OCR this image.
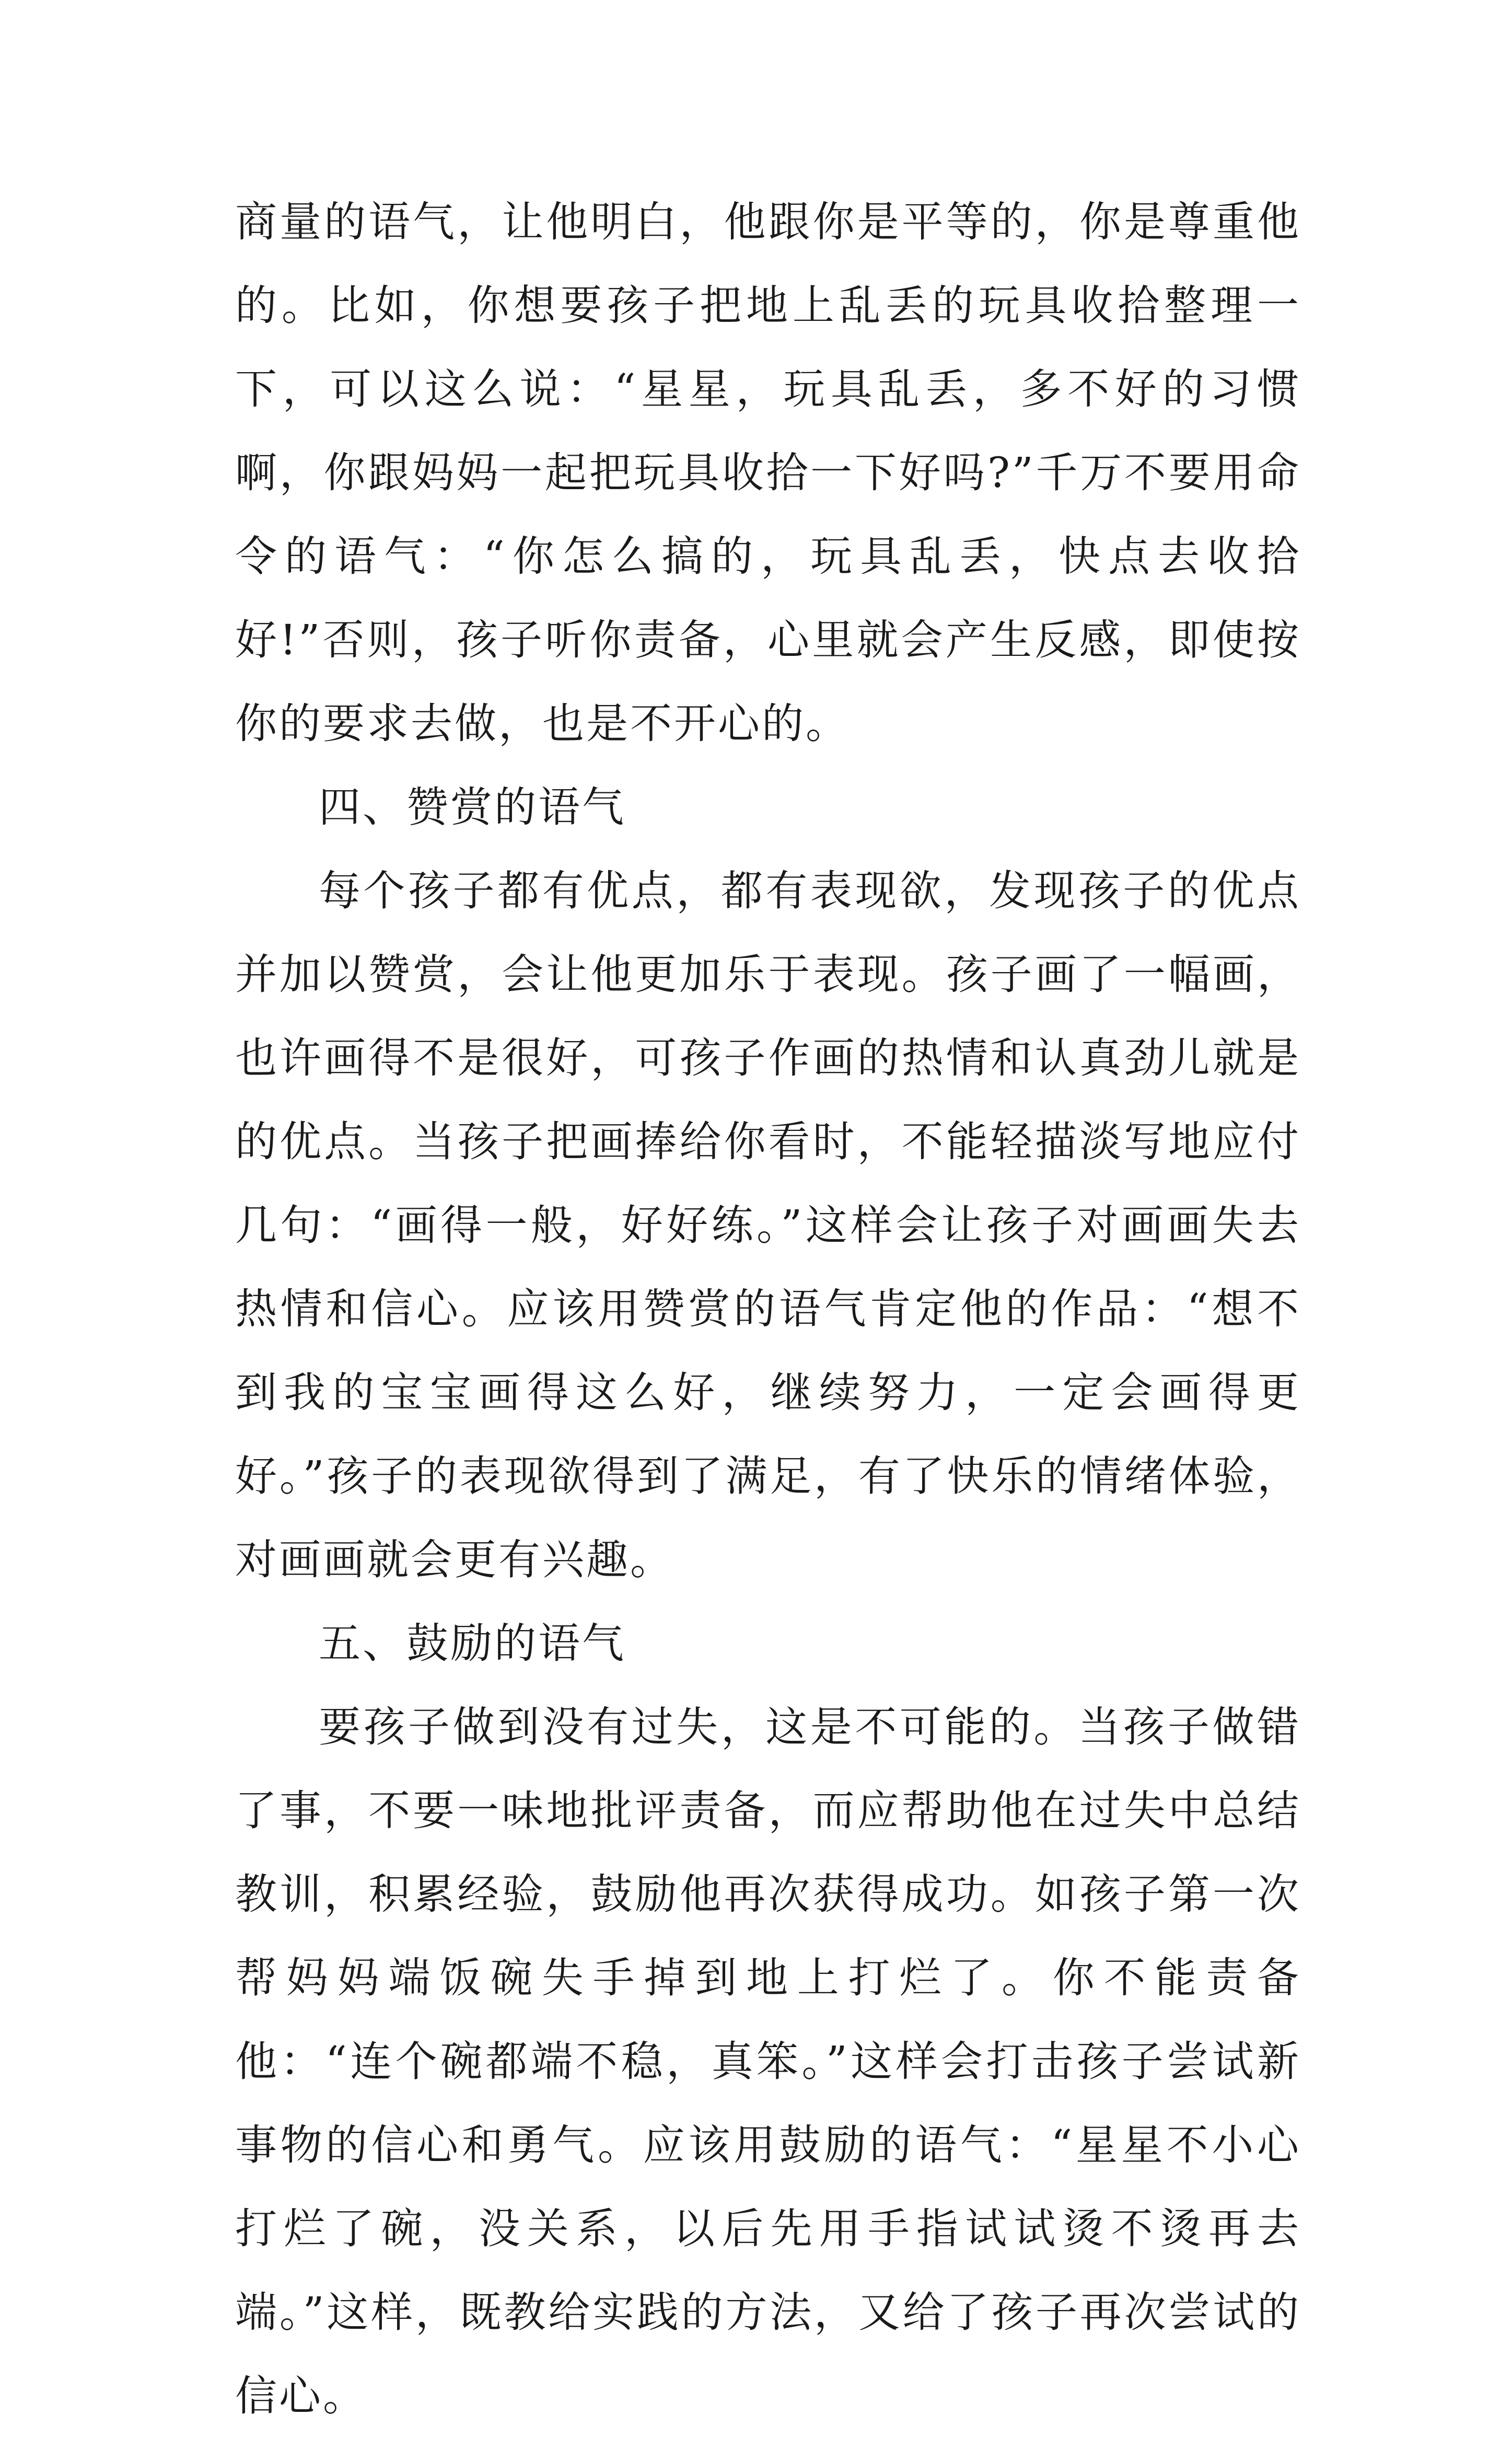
商量的语气，让他明白，他跟你是平等的，你是尊重他的。比如，你想要孩子把地上乱丢的玩具收拾整理一下，可以这么说：“星星，玩具乱丢，多不好的习惯啊，你跟妈妈一起把玩具收拾一下好吗?”千万不要用命令的语气：“你怎么搞的，玩具乱丢，快点去收拾好!”否则，孩子听你责备，心里就会产生反感，即使按你的要求去做，也是不开心的。

四、赞赏的语气

每个孩子都有优点，都有表现欲，发现孩子的优点并加以赞赏，会让他更加乐于表现。孩子画了一幅画，也许画得不是很好，可孩子作画的热情和认真劲儿就是的优点。当孩子把画捧给你看时，不能轻描淡写地应付几句：“画得一般，好好练。”这样会让孩子对画画失去热情和信心。应该用赞赏的语气肯定他的作品：“想不到我的宝宝画得这么好，继续努力，一定会画得更好。”孩子的表现欲得到了满足，有了快乐的情绪体验，对画画就会更有兴趣。

五、鼓励的语气

要孩子做到没有过失，这是不可能的。当孩子做错了事，不要一味地批评责备，而应帮助他在过失中总结教训，积累经验，鼓励他再次获得成功。如孩子第一次帮妈妈端饭碗失手掉到地上打烂了。你不能责备他：“连个碗都端不稳，真笨。”这样会打击孩子尝试新事物的信心和勇气。应该用鼓励的语气：“星星不小心打烂了碗，没关系，以后先用手指试试烫不烫再去端。”这样，既教给实践的方法，又给了孩子再次尝试的信心。
